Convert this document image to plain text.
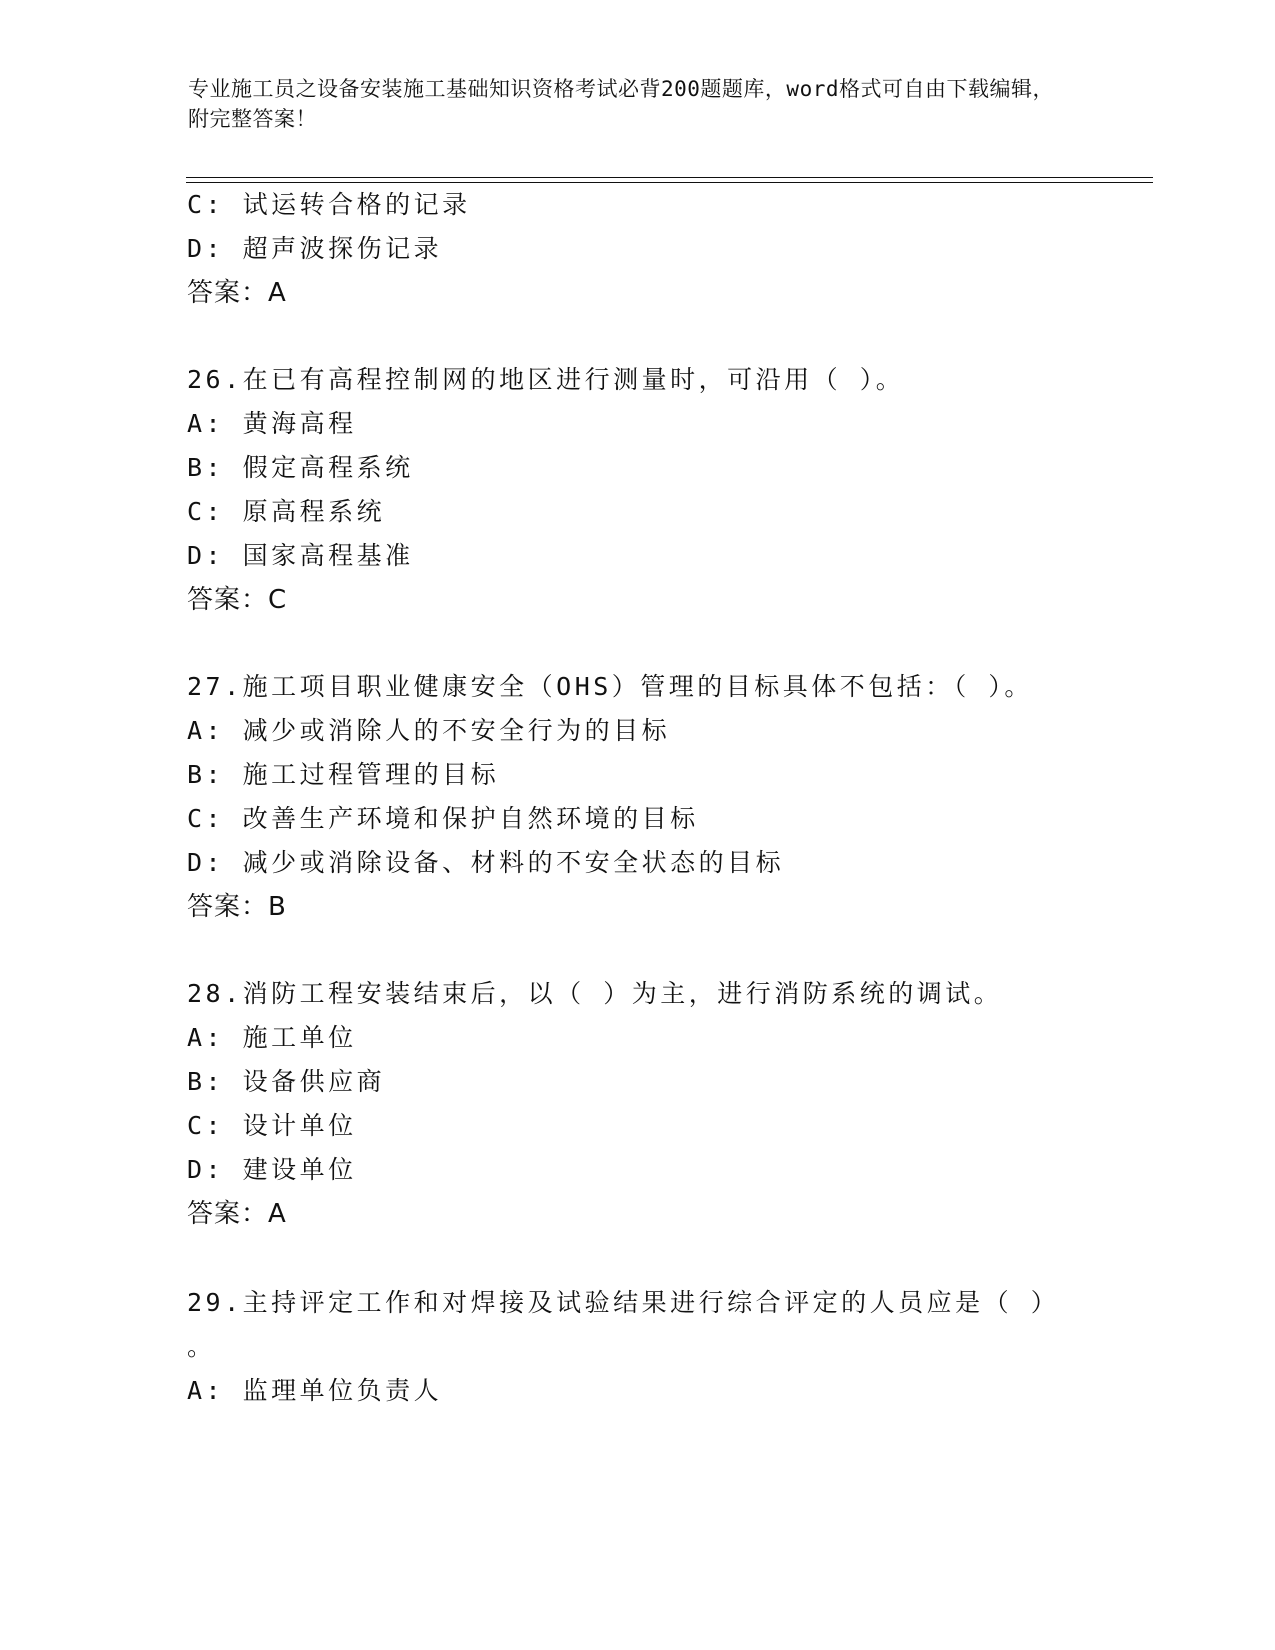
专业施工员之设备安装施工基础知识资格考试必背200题题库，word格式可自由下载编辑，附完整答案！
C: 试运转合格的记录
D: 超声波探伤记录
答案：A
26.在已有高程控制网的地区进行测量时，可沿用（ ）。
A: 黄海高程
B: 假定高程系统
C: 原高程系统
D: 国家高程基准
答案：C
27.施工项目职业健康安全（OHS）管理的目标具体不包括：（ ）。
A: 减少或消除人的不安全行为的目标
B: 施工过程管理的目标
C: 改善生产环境和保护自然环境的目标
D: 减少或消除设备、材料的不安全状态的目标
答案：B
28.消防工程安装结束后，以（ ）为主，进行消防系统的调试。
A: 施工单位
B: 设备供应商
C: 设计单位
D: 建设单位
答案：A
29.主持评定工作和对焊接及试验结果进行综合评定的人员应是（ ）
。
A: 监理单位负责人
